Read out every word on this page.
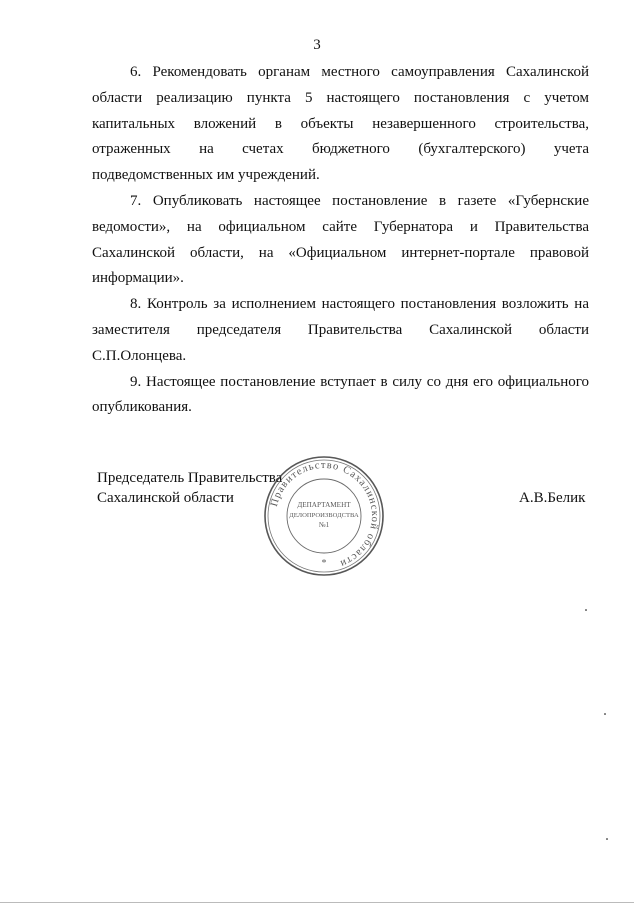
3

6. Рекомендовать органам местного самоуправления Сахалинской области реализацию пункта 5 настоящего постановления с учетом капитальных вложений в объекты незавершенного строительства, отраженных на счетах бюджетного (бухгалтерского) учета подведомственных им учреждений.

7. Опубликовать настоящее постановление в газете «Губернские ведомости», на официальном сайте Губернатора и Правительства Сахалинской области, на «Официальном интернет-портале правовой информации».

8. Контроль за исполнением настоящего постановления возложить на заместителя председателя Правительства Сахалинской области С.П.Олонцева.

9. Настоящее постановление вступает в силу со дня его официального опубликования.

Председатель Правительства
Сахалинской области	А.В.Белик
Правительство Сахалинской области
ДЕПАРТАМЕНТ
ДЕЛОПРОИЗВОДСТВА
№1
*
